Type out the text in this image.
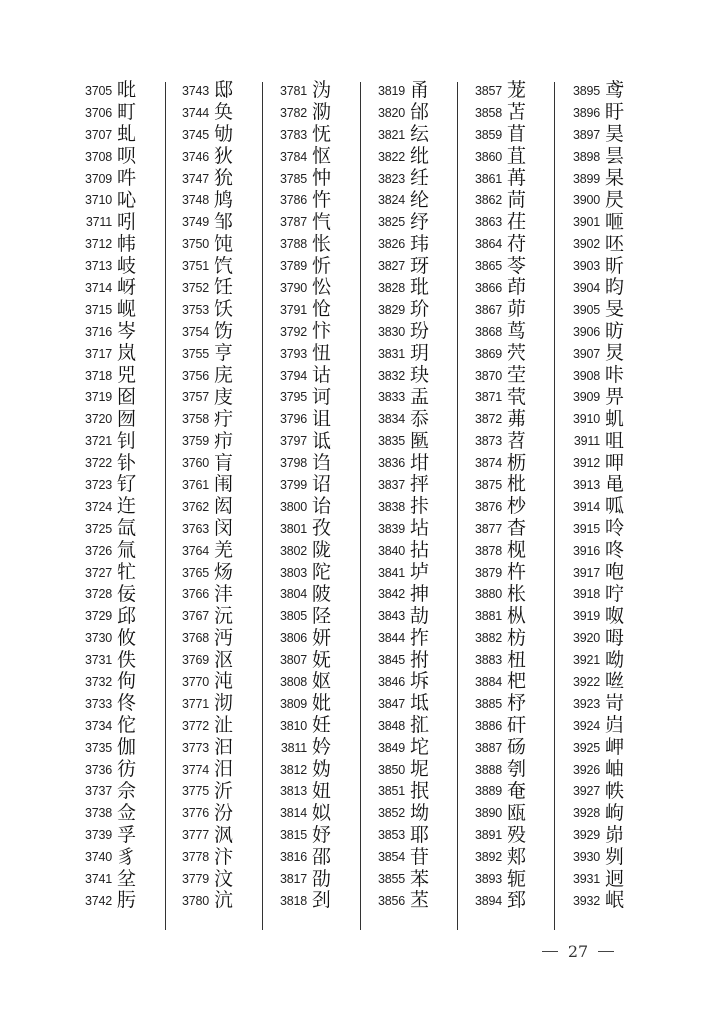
3705 吡
3706 町
3707 虬
3708 呗
3709 吽
3710 吣
3711 吲
3712 帏
3713 岐
3714 岈
3715 岘
3716 岑
3717 岚
3718 兕
3719 囵
3720 囫
3721 钊
3722 钋
3723 钌
3724 迕
3725 氙
3726 氚
3727 牤
3728 佞
3729 邱
3730 攸
3731 佚
3732 佝
3733 佟
3734 佗
3735 伽
3736 彷
3737 佘
3738 佥
3739 孚
3740 豸
3741 坌
3742 肟
3743 邸
3744 奂
3745 劬
3746 狄
3747 狁
3748 鸠
3749 邹
3750 饨
3751 饩
3752 饪
3753 饫
3754 饬
3755 亨
3756 庑
3757 庋
3758 疔
3759 疖
3760 肓
3761 闱
3762 闳
3763 闵
3764 羌
3765 炀
3766 沣
3767 沅
3768 沔
3769 沤
3770 沌
3771 沏
3772 沚
3773 汩
3774 汨
3775 沂
3776 汾
3777 沨
3778 汴
3779 汶
3780 沆
3781 沩
3782 泐
3783 怃
3784 怄
3785 忡
3786 忤
3787 忾
3788 怅
3789 忻
3790 忪
3791 怆
3792 忭
3793 忸
3794 诂
3795 诃
3796 诅
3797 诋
3798 诌
3799 诏
3800 诒
3801 孜
3802 陇
3803 陀
3804 陂
3805 陉
3806 妍
3807 妩
3808 妪
3809 妣
3810 妊
3811 妗
3812 妫
3813 妞
3814 姒
3815 妤
3816 邵
3817 劭
3818 刭
3819 甬
3820 邰
3821 纭
3822 纰
3823 纴
3824 纶
3825 纾
3826 玮
3827 玡
3828 玭
3829 玠
3830 玢
3831 玥
3832 玦
3833 盂
3834 忝
3835 匦
3836 坩
3837 抨
3838 拤
3839 坫
3840 拈
3841 垆
3842 抻
3843 劼
3844 拃
3845 拊
3846 坼
3847 坻
3848 㧟
3849 坨
3850 坭
3851 抿
3852 坳
3853 耶
3854 苷
3855 苯
3856 苤
3857 茏
3858 苫
3859 苜
3860 苴
3861 苒
3862 苘
3863 茌
3864 苻
3865 苓
3866 茚
3867 茆
3868 茑
3869 茓
3870 茔
3871 茕
3872 茀
3873 苕
3874 枥
3875 枇
3876 杪
3877 杳
3878 枧
3879 杵
3880 枨
3881 枞
3882 枋
3883 杻
3884 杷
3885 杼
3886 矸
3887 砀
3888 刳
3889 奄
3890 瓯
3891 殁
3892 郏
3893 轭
3894 郅
3895 鸢
3896 盱
3897 昊
3898 昙
3899 杲
3900 昃
3901 咂
3902 呸
3903 昕
3904 昀
3905 旻
3906 昉
3907 炅
3908 咔
3909 畀
3910 虮
3911 咀
3912 呷
3913 黾
3914 呱
3915 呤
3916 咚
3917 咆
3918 咛
3919 呶
3920 呣
3921 呦
3922 咝
3923 岢
3924 岿
3925 岬
3926 岫
3927 帙
3928 岣
3929 峁
3930 刿
3931 迥
3932 岷
27
